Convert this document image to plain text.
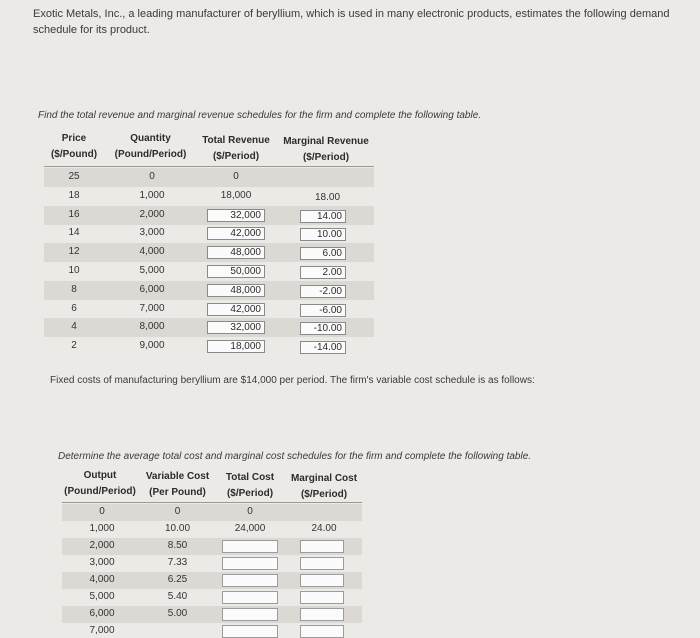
Exotic Metals, Inc., a leading manufacturer of beryllium, which is used in many electronic products, estimates the following demand schedule for its product.
Find the total revenue and marginal revenue schedules for the firm and complete the following table.
Price
($/Pound)
Quantity
(Pound/Period)
Total Revenue
($/Period)
Marginal Revenue
($/Period)
25	0	0
18	1,000	18,000	18.00
16	2,000	32,000	14.00
14	3,000	42,000	10.00
12	4,000	48,000	6.00
10	5,000	50,000	2.00
8	6,000	48,000	-2.00
6	7,000	42,000	-6.00
4	8,000	32,000	-10.00
2	9,000	18,000	-14.00
Fixed costs of manufacturing beryllium are $14,000 per period. The firm's variable cost schedule is as follows:
Determine the average total cost and marginal cost schedules for the firm and complete the following table.
Output
(Pound/Period)
Variable Cost
(Per Pound)
Total Cost
($/Period)
Marginal Cost
($/Period)
0	0	0
1,000	10.00	24,000	24.00
2,000	8.50
3,000	7.33
4,000	6.25
5,000	5.40
6,000	5.00
7,000
